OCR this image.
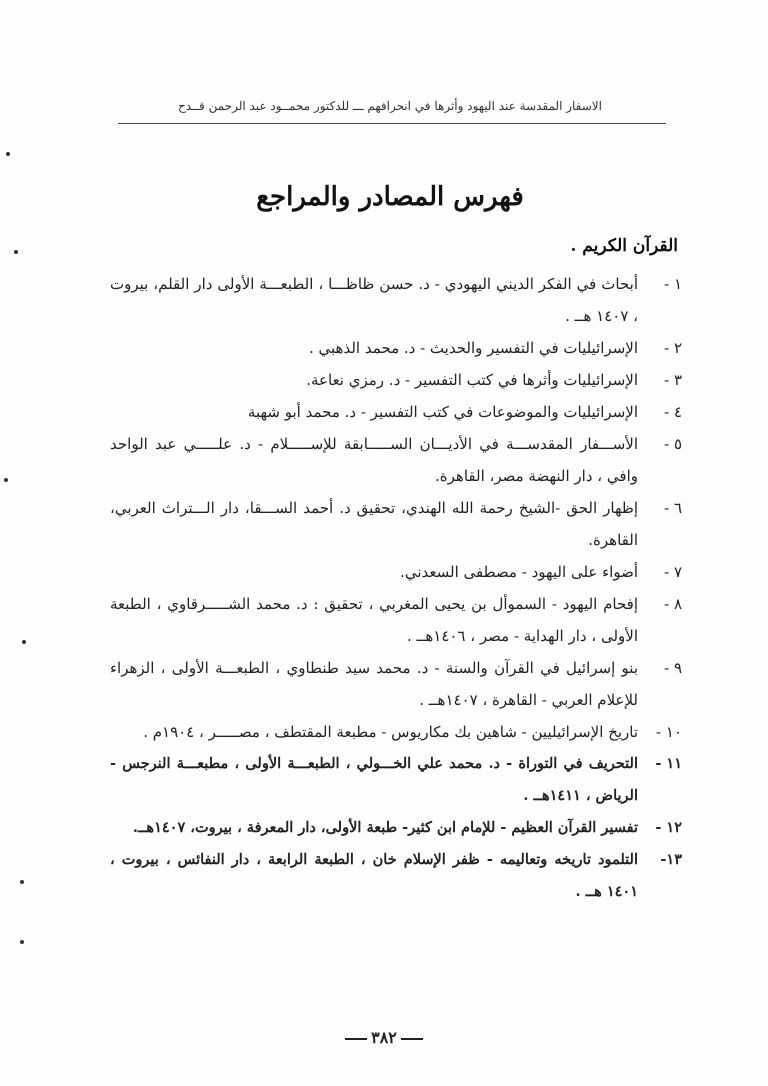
الاسفار المقدسة عند اليهود وأثرها في انحرافهم ـــ للدكتور محمــود عبد الرحمن قــدح
فهرس المصادر والمراجع
القرآن الكريم .
١ -
أبحاث في الفكر الديني اليهودي - د. حسن ظاظـــا ، الطبعـــة الأولى دار القلم، بيروت ، ١٤٠٧ هــ .
٢ -
الإسرائيليات في التفسير والحديث - د. محمد الذهبي .
٣ -
الإسرائيليات وأثرها في كتب التفسير - د. رمزي نعاعة.
٤ -
الإسرائيليات والموضوعات في كتب التفسير - د. محمد أبو شهبة
٥ -
الأســـفار المقدســـة في الأديـــان الســـــابقة للإســـــلام - د. علـــــي عبد الواحد وافي ، دار النهضة مصر، القاهرة.
٦ -
إظهار الحق -الشيخ رحمة الله الهندي، تحقيق د. أحمد الســـقا، دار الـــتراث العربي، القاهرة.
٧ -
أضواء على اليهود - مصطفى السعدني.
٨ -
إفحام اليهود - السموأل بن يحيى المغربي ، تحقيق : د. محمد الشـــــرقاوي ، الطبعة الأولى ، دار الهداية - مصر ، ١٤٠٦هــ .
٩ -
بنو إسرائيل في القرآن والسنة - د. محمد سيد طنطاوي ، الطبعـــة الأولى ، الزهراء للإعلام العربي - القاهرة ، ١٤٠٧هــ .
١٠ -
تاريخ الإسرائيليين - شاهين بك مكاريوس - مطبعة المقتطف ، مصـــــر ، ١٩٠٤م .
١١ -
التحريف في التوراة - د. محمد علي الخـــولي ، الطبعـــة الأولى ، مطبعـــة النرجس - الرياض ، ١٤١١هــ .
١٢ -
تفسير القرآن العظيم - للإمام ابن كثير- طبعة الأولى، دار المعرفة ، بيروت، ١٤٠٧هــ.
١٣-
التلمود تاريخه وتعاليمه - ظفر الإسلام خان ، الطبعة الرابعة ، دار النفائس ، بيروت ، ١٤٠١ هــ .
٣٨٢
